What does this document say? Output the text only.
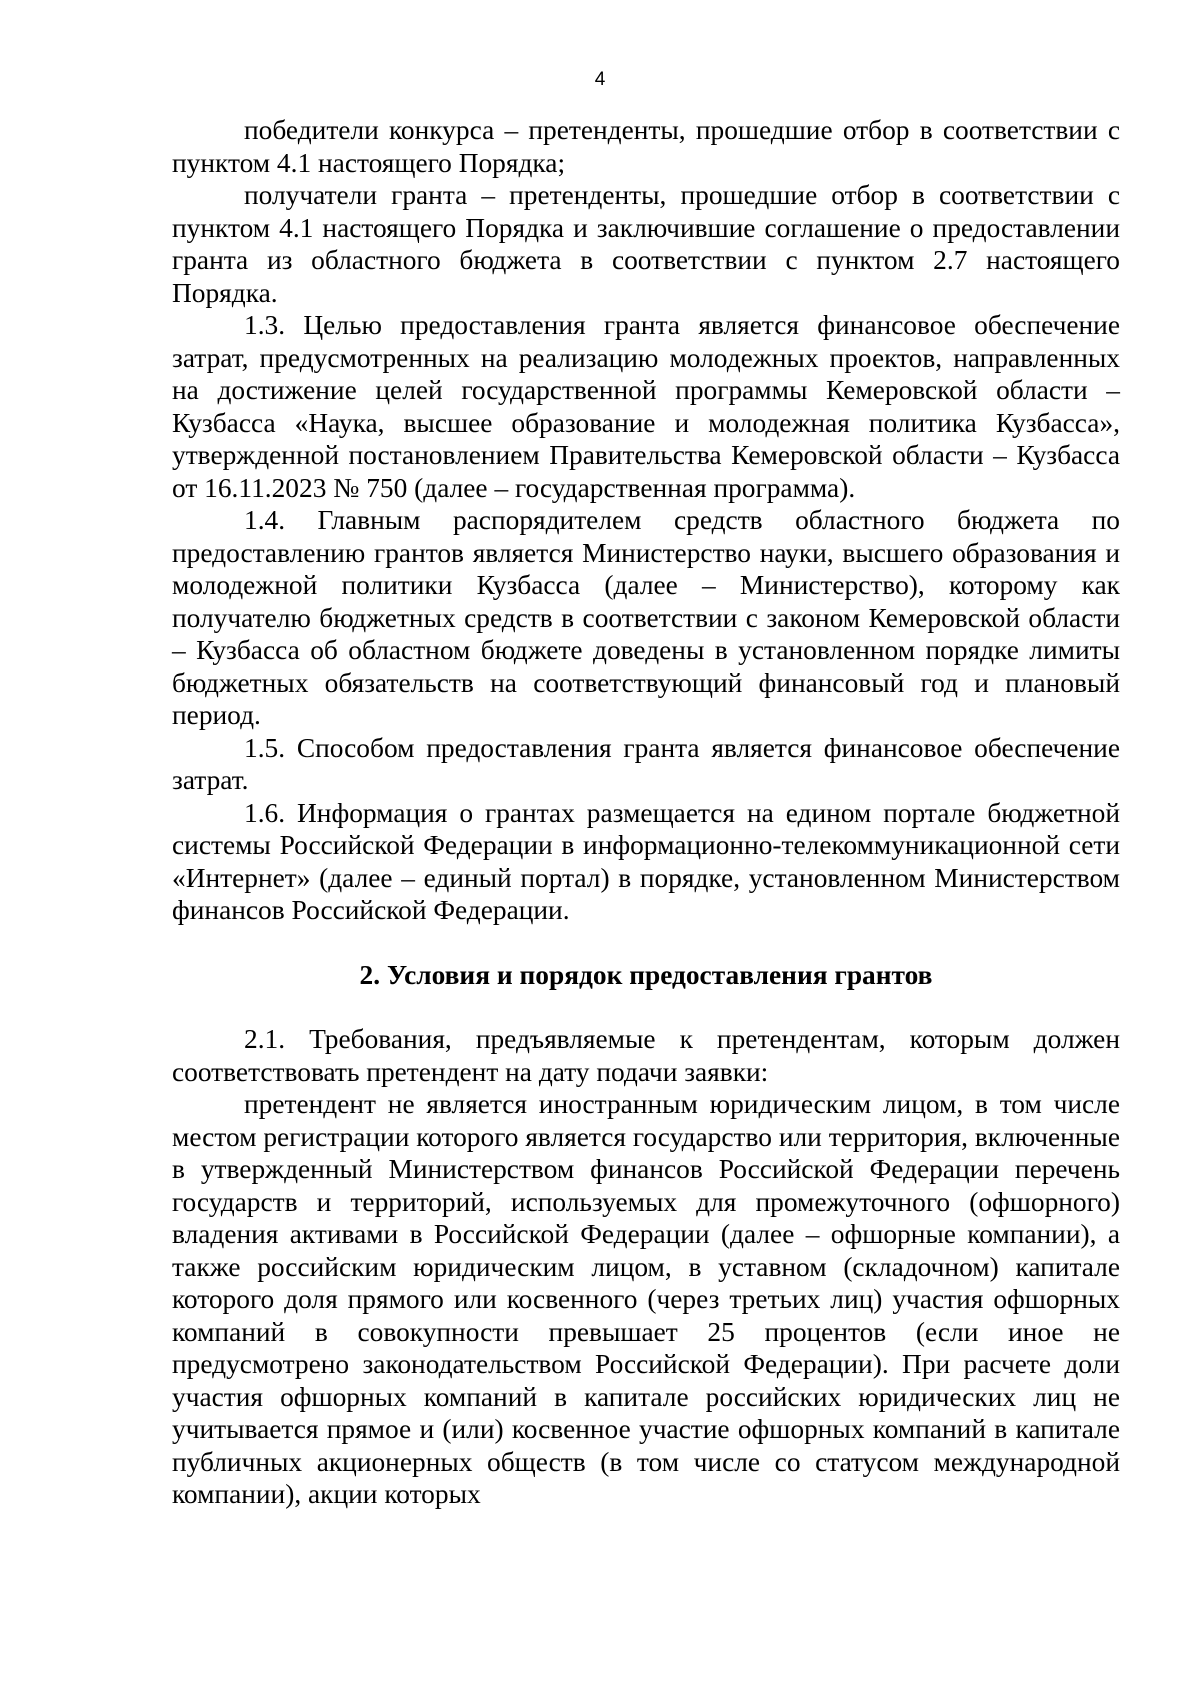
4

победители конкурса – претенденты, прошедшие отбор в соответствии с пунктом 4.1 настоящего Порядка;

получатели гранта – претенденты, прошедшие отбор в соответствии с пунктом 4.1 настоящего Порядка и заключившие соглашение о предоставлении гранта из областного бюджета в соответствии с пунктом 2.7 настоящего Порядка.

1.3. Целью предоставления гранта является финансовое обеспечение затрат, предусмотренных на реализацию молодежных проектов, направленных на достижение целей государственной программы Кемеровской области – Кузбасса «Наука, высшее образование и молодежная политика Кузбасса», утвержденной постановлением Правительства Кемеровской области – Кузбасса от 16.11.2023 № 750 (далее – государственная программа).

1.4. Главным распорядителем средств областного бюджета по предоставлению грантов является Министерство науки, высшего образования и молодежной политики Кузбасса (далее – Министерство), которому как получателю бюджетных средств в соответствии с законом Кемеровской области – Кузбасса об областном бюджете доведены в установленном порядке лимиты бюджетных обязательств на соответствующий финансовый год и плановый период.

1.5. Способом предоставления гранта является финансовое обеспечение затрат.

1.6. Информация о грантах размещается на едином портале бюджетной системы Российской Федерации в информационно-телекоммуникационной сети «Интернет» (далее – единый портал) в порядке, установленном Министерством финансов Российской Федерации.

2. Условия и порядок предоставления грантов

2.1. Требования, предъявляемые к претендентам, которым должен соответствовать претендент на дату подачи заявки:

претендент не является иностранным юридическим лицом, в том числе местом регистрации которого является государство или территория, включенные в утвержденный Министерством финансов Российской Федерации перечень государств и территорий, используемых для промежуточного (офшорного) владения активами в Российской Федерации (далее – офшорные компании), а также российским юридическим лицом, в уставном (складочном) капитале которого доля прямого или косвенного (через третьих лиц) участия офшорных компаний в совокупности превышает 25 процентов (если иное не предусмотрено законодательством Российской Федерации). При расчете доли участия офшорных компаний в капитале российских юридических лиц не учитывается прямое и (или) косвенное участие офшорных компаний в капитале публичных акционерных обществ (в том числе со статусом международной компании), акции которых
